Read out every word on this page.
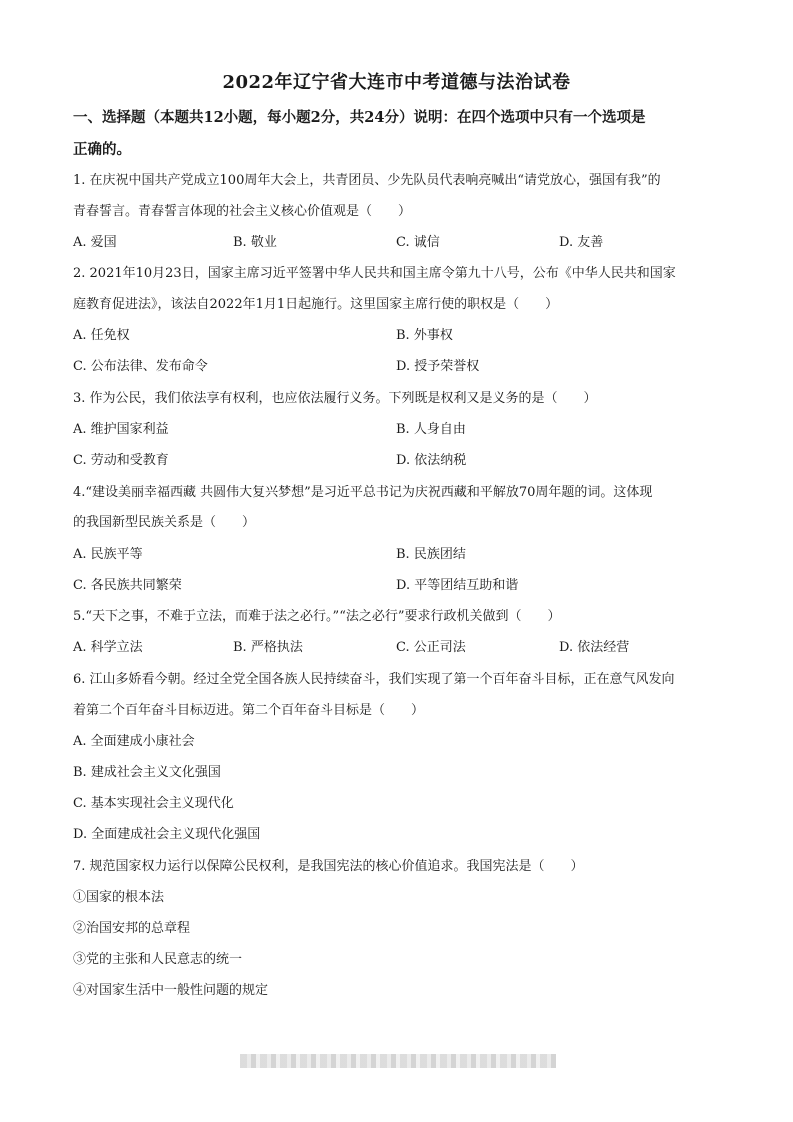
2022年辽宁省大连市中考道德与法治试卷
一、选择题（本题共12小题，每小题2分，共24分）说明：在四个选项中只有一个选项是
正确的。
1. 在庆祝中国共产党成立100周年大会上，共青团员、少先队员代表响亮喊出“请党放心，强国有我”的
青春誓言。青春誓言体现的社会主义核心价值观是（　　）
A. 爱国	B. 敬业	C. 诚信	D. 友善
2. 2021年10月23日，国家主席习近平签署中华人民共和国主席令第九十八号，公布《中华人民共和国家
庭教育促进法》，该法自2022年1月1日起施行。这里国家主席行使的职权是（　　）
A. 任免权	B. 外事权
C. 公布法律、发布命令	D. 授予荣誉权
3. 作为公民，我们依法享有权利，也应依法履行义务。下列既是权利又是义务的是（　　）
A. 维护国家利益	B. 人身自由
C. 劳动和受教育	D. 依法纳税
4.“建设美丽幸福西藏 共圆伟大复兴梦想”是习近平总书记为庆祝西藏和平解放70周年题的词。这体现
的我国新型民族关系是（　　）
A. 民族平等	B. 民族团结
C. 各民族共同繁荣	D. 平等团结互助和谐
5.“天下之事，不难于立法，而难于法之必行。”“法之必行”要求行政机关做到（　　）
A. 科学立法	B. 严格执法	C. 公正司法	D. 依法经营
6. 江山多娇看今朝。经过全党全国各族人民持续奋斗，我们实现了第一个百年奋斗目标，正在意气风发向
着第二个百年奋斗目标迈进。第二个百年奋斗目标是（　　）
A. 全面建成小康社会
B. 建成社会主义文化强国
C. 基本实现社会主义现代化
D. 全面建成社会主义现代化强国
7. 规范国家权力运行以保障公民权利，是我国宪法的核心价值追求。我国宪法是（　　）
①国家的根本法
②治国安邦的总章程
③党的主张和人民意志的统一
④对国家生活中一般性问题的规定
